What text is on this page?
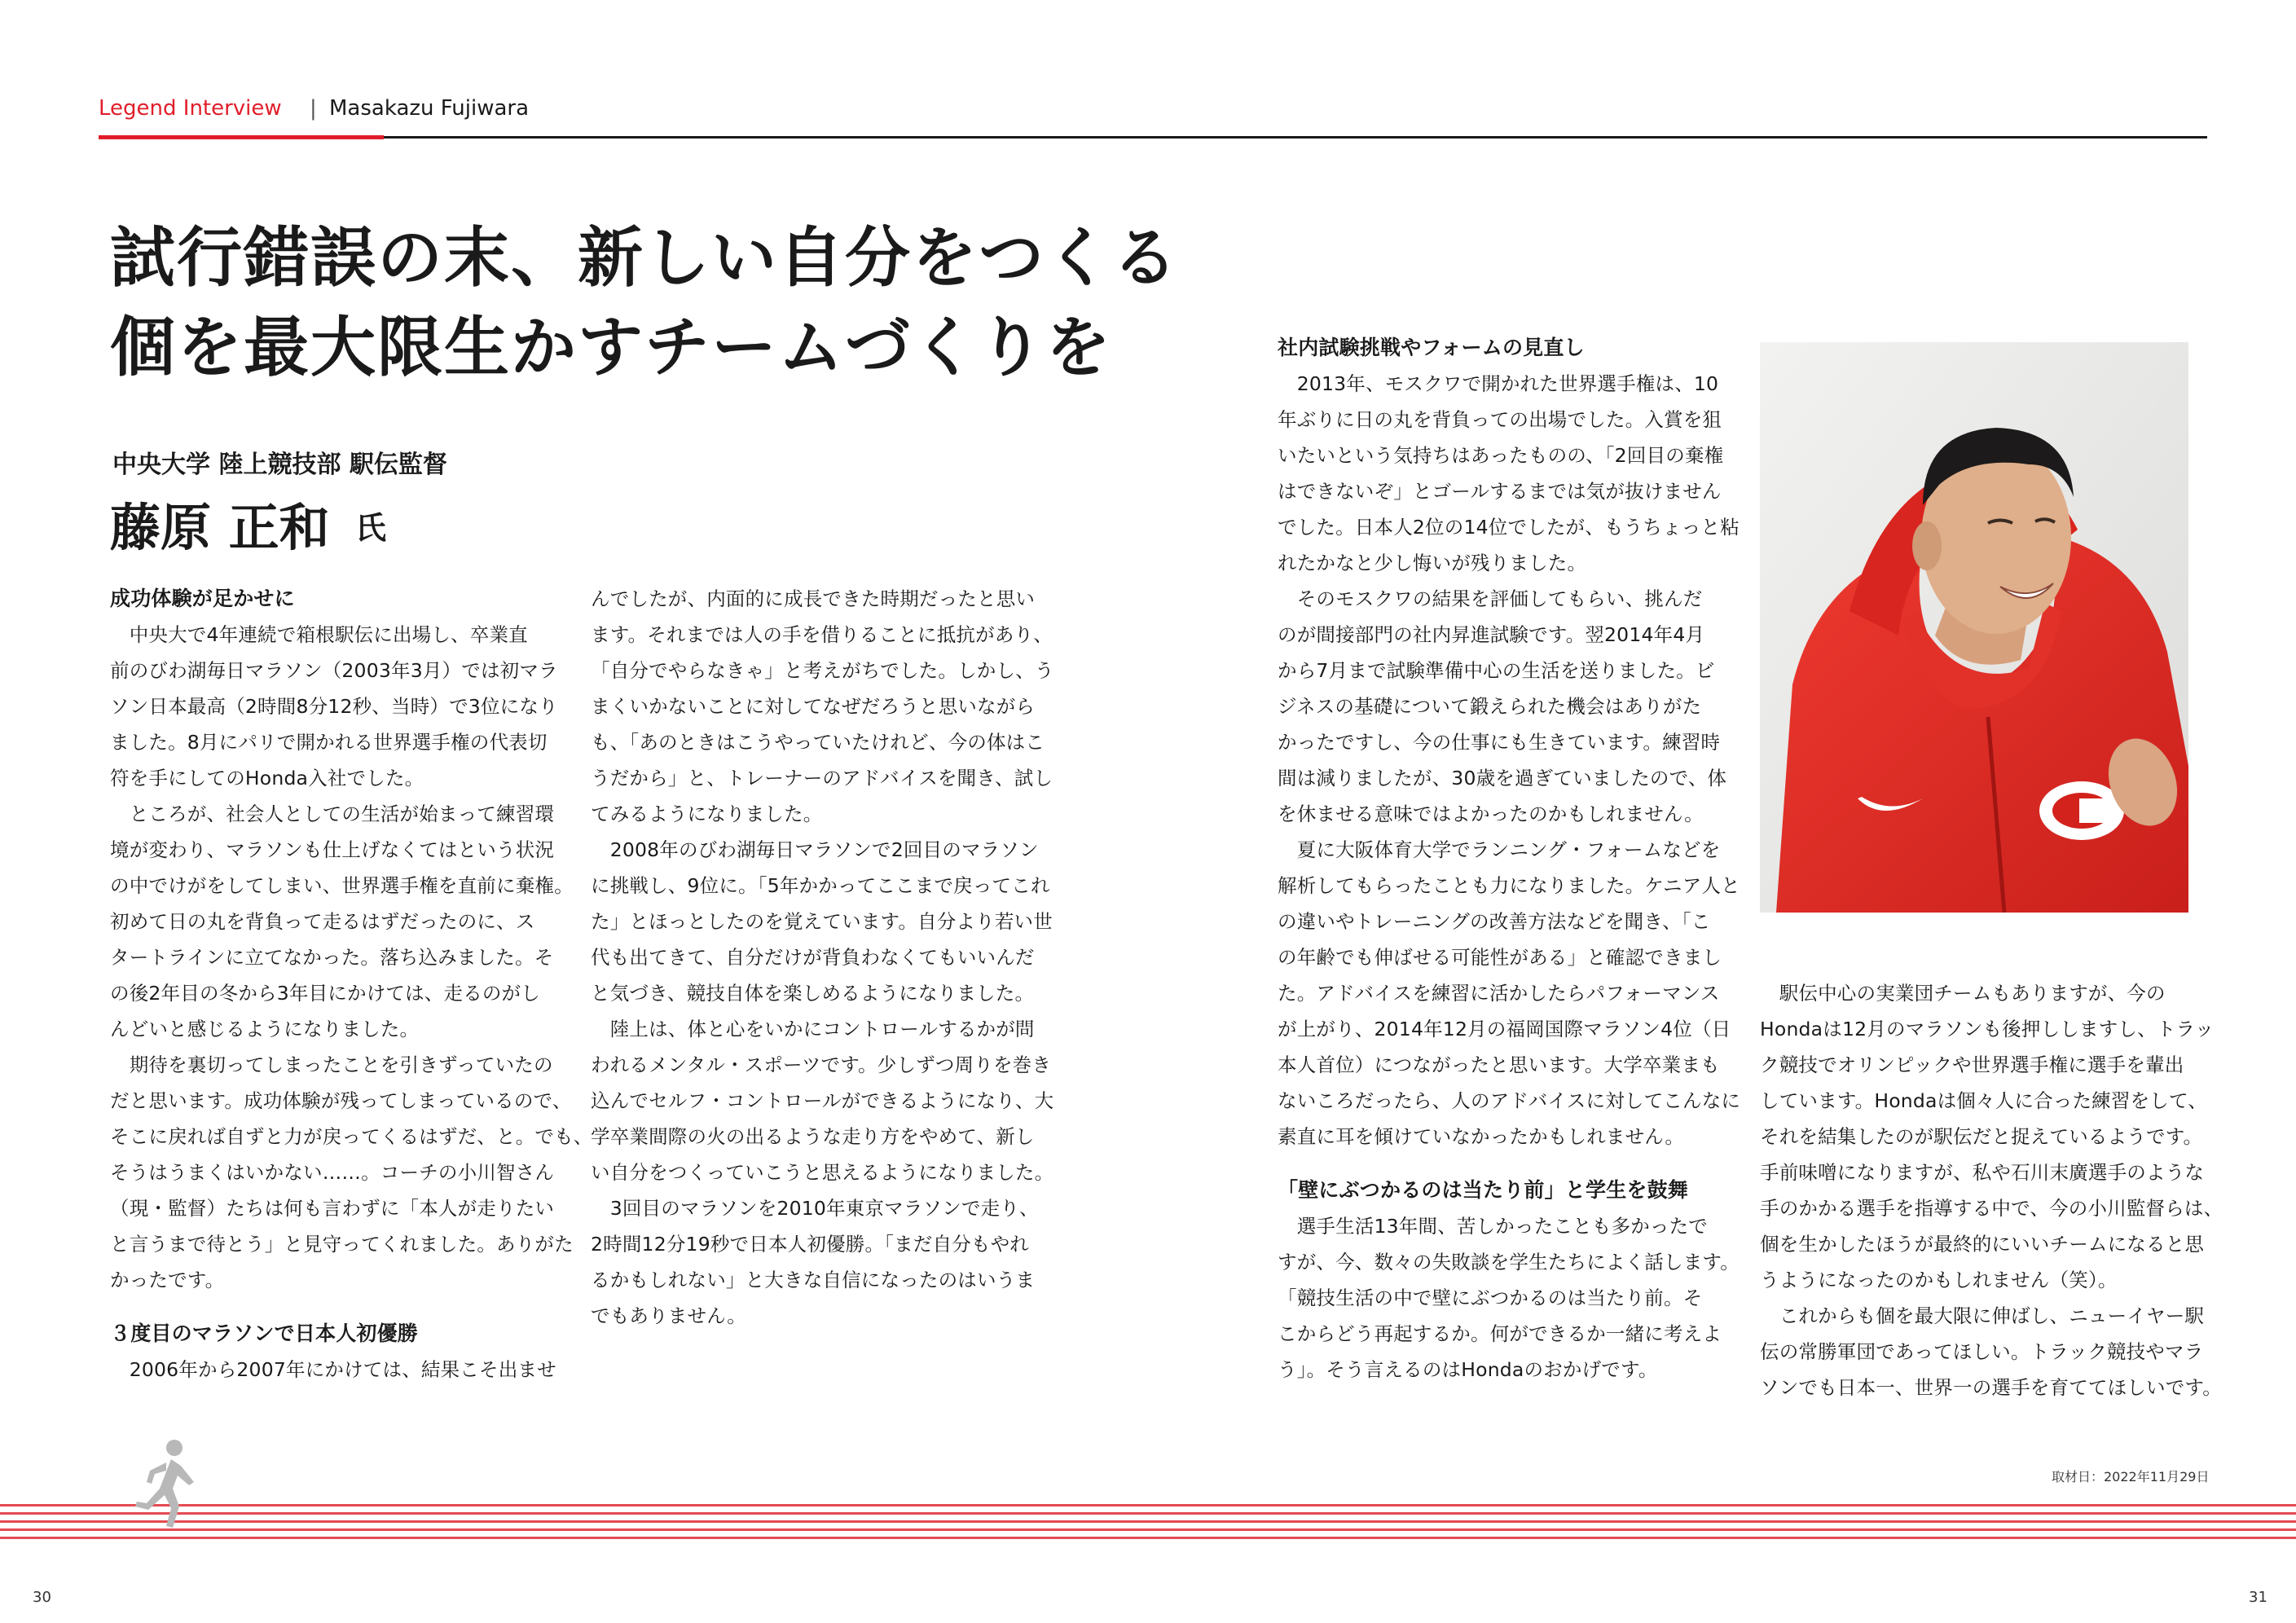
Legend Interview | Masakazu Fujiwara
試行錯誤の末、新しい自分をつくる
個を最大限生かすチームづくりを
中央大学 陸上競技部 駅伝監督
藤原 正和 氏
成功体験が足かせに
　中央大で4年連続で箱根駅伝に出場し、卒業直
前のびわ湖毎日マラソン（2003年3月）では初マラ
ソン日本最高（2時間8分12秒、当時）で3位になり
ました。8月にパリで開かれる世界選手権の代表切
符を手にしてのHonda入社でした。
　ところが、社会人としての生活が始まって練習環
境が変わり、マラソンも仕上げなくてはという状況
の中でけがをしてしまい、世界選手権を直前に棄権。
初めて日の丸を背負って走るはずだったのに、ス
タートラインに立てなかった。落ち込みました。そ
の後2年目の冬から3年目にかけては、走るのがし
んどいと感じるようになりました。
　期待を裏切ってしまったことを引きずっていたの
だと思います。成功体験が残ってしまっているので、
そこに戻れば自ずと力が戻ってくるはずだ、と。でも、
そうはうまくはいかない……。コーチの小川智さん
（現・監督）たちは何も言わずに「本人が走りたい
と言うまで待とう」と見守ってくれました。ありがた
かったです。
３度目のマラソンで日本人初優勝
　2006年から2007年にかけては、結果こそ出ませ
んでしたが、内面的に成長できた時期だったと思い
ます。それまでは人の手を借りることに抵抗があり、
「自分でやらなきゃ」と考えがちでした。しかし、う
まくいかないことに対してなぜだろうと思いながら
も、「あのときはこうやっていたけれど、今の体はこ
うだから」と、トレーナーのアドバイスを聞き、試し
てみるようになりました。
　2008年のびわ湖毎日マラソンで2回目のマラソン
に挑戦し、9位に。「5年かかってここまで戻ってこれ
た」とほっとしたのを覚えています。自分より若い世
代も出てきて、自分だけが背負わなくてもいいんだ
と気づき、競技自体を楽しめるようになりました。
　陸上は、体と心をいかにコントロールするかが問
われるメンタル・スポーツです。少しずつ周りを巻き
込んでセルフ・コントロールができるようになり、大
学卒業間際の火の出るような走り方をやめて、新し
い自分をつくっていこうと思えるようになりました。
　3回目のマラソンを2010年東京マラソンで走り、
2時間12分19秒で日本人初優勝。「まだ自分もやれ
るかもしれない」と大きな自信になったのはいうま
でもありません。
社内試験挑戦やフォームの見直し
　2013年、モスクワで開かれた世界選手権は、10
年ぶりに日の丸を背負っての出場でした。入賞を狙
いたいという気持ちはあったものの、「2回目の棄権
はできないぞ」とゴールするまでは気が抜けません
でした。日本人2位の14位でしたが、もうちょっと粘
れたかなと少し悔いが残りました。
　そのモスクワの結果を評価してもらい、挑んだ
のが間接部門の社内昇進試験です。翌2014年4月
から7月まで試験準備中心の生活を送りました。ビ
ジネスの基礎について鍛えられた機会はありがた
かったですし、今の仕事にも生きています。練習時
間は減りましたが、30歳を過ぎていましたので、体
を休ませる意味ではよかったのかもしれません。
　夏に大阪体育大学でランニング・フォームなどを
解析してもらったことも力になりました。ケニア人と
の違いやトレーニングの改善方法などを聞き、「こ
の年齢でも伸ばせる可能性がある」と確認できまし
た。アドバイスを練習に活かしたらパフォーマンス
が上がり、2014年12月の福岡国際マラソン4位（日
本人首位）につながったと思います。大学卒業まも
ないころだったら、人のアドバイスに対してこんなに
素直に耳を傾けていなかったかもしれません。
「壁にぶつかるのは当たり前」と学生を鼓舞
　選手生活13年間、苦しかったことも多かったで
すが、今、数々の失敗談を学生たちによく話します。
「競技生活の中で壁にぶつかるのは当たり前。そ
こからどう再起するか。何ができるか一緒に考えよ
う」。そう言えるのはHondaのおかげです。
　駅伝中心の実業団チームもありますが、今の
Hondaは12月のマラソンも後押ししますし、トラッ
ク競技でオリンピックや世界選手権に選手を輩出
しています。Hondaは個々人に合った練習をして、
それを結集したのが駅伝だと捉えているようです。
手前味噌になりますが、私や石川末廣選手のような
手のかかる選手を指導する中で、今の小川監督らは、
個を生かしたほうが最終的にいいチームになると思
うようになったのかもしれません（笑）。
　これからも個を最大限に伸ばし、ニューイヤー駅
伝の常勝軍団であってほしい。トラック競技やマラ
ソンでも日本一、世界一の選手を育ててほしいです。
取材日：2022年11月29日
30	31
